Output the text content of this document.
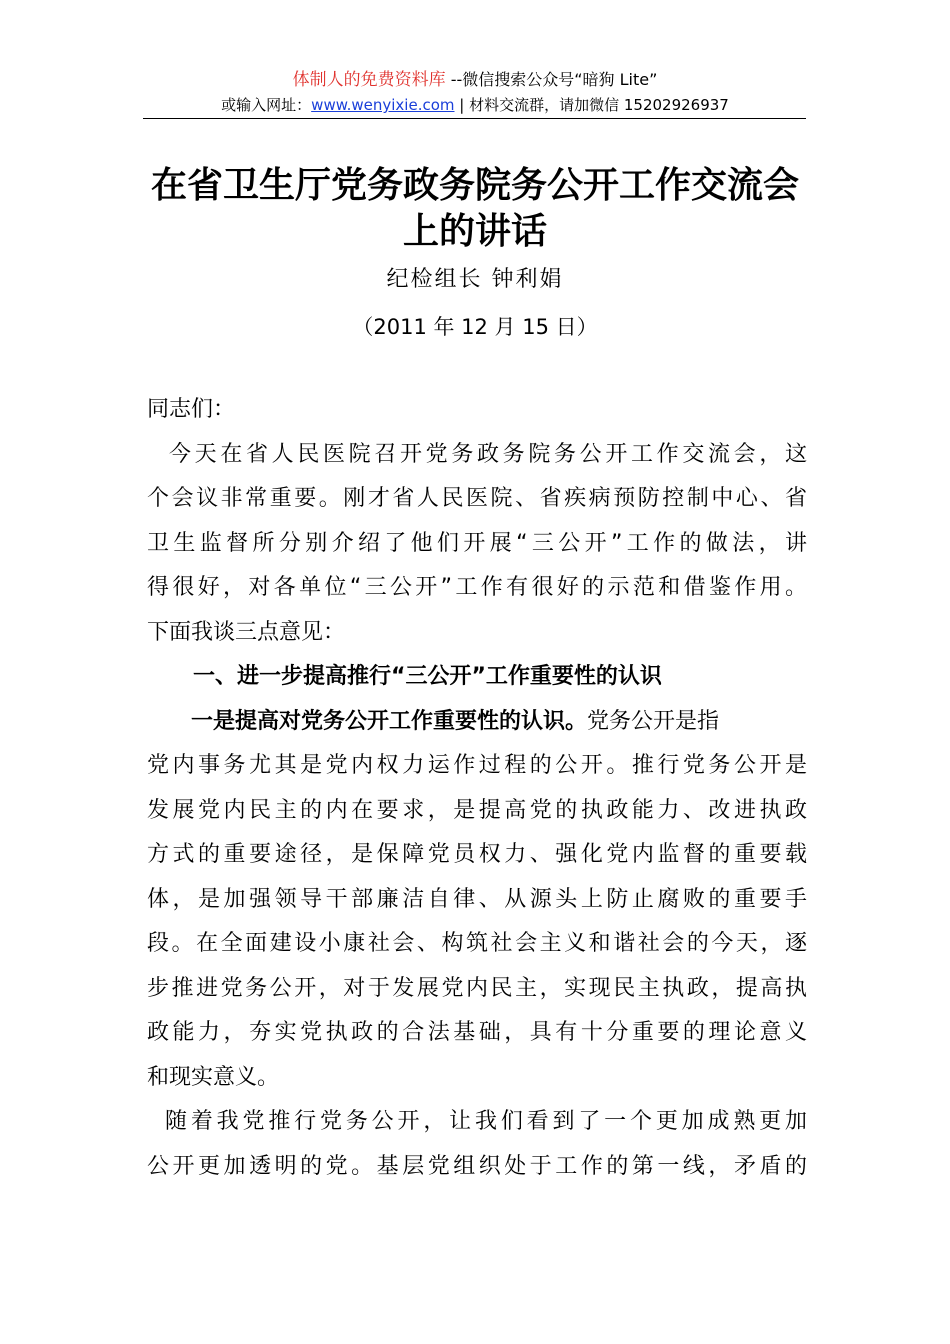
体制人的免费资料库 --微信搜索公众号“暗狗 Lite”
或输入网址：www.wenyixie.com | 材料交流群，请加微信 15202926937
在省卫生厅党务政务院务公开工作交流会
上的讲话
纪检组长 钟利娟
（2011 年 12 月 15 日）

同志们：

今天在省人民医院召开党务政务院务公开工作交流会，这

个会议非常重要。刚才省人民医院、省疾病预防控制中心、省

卫生监督所分别介绍了他们开展“三公开”工作的做法，讲

得很好，对各单位“三公开”工作有很好的示范和借鉴作用。

下面我谈三点意见：

一、进一步提高推行“三公开”工作重要性的认识

一是提高对党务公开工作重要性的认识。党务公开是指

党内事务尤其是党内权力运作过程的公开。推行党务公开是

发展党内民主的内在要求，是提高党的执政能力、改进执政

方式的重要途径，是保障党员权力、强化党内监督的重要载

体，是加强领导干部廉洁自律、从源头上防止腐败的重要手

段。在全面建设小康社会、构筑社会主义和谐社会的今天，逐

步推进党务公开，对于发展党内民主，实现民主执政，提高执

政能力，夯实党执政的合法基础，具有十分重要的理论意义

和现实意义。

随着我党推行党务公开，让我们看到了一个更加成熟更加

公开更加透明的党。基层党组织处于工作的第一线，矛盾的
